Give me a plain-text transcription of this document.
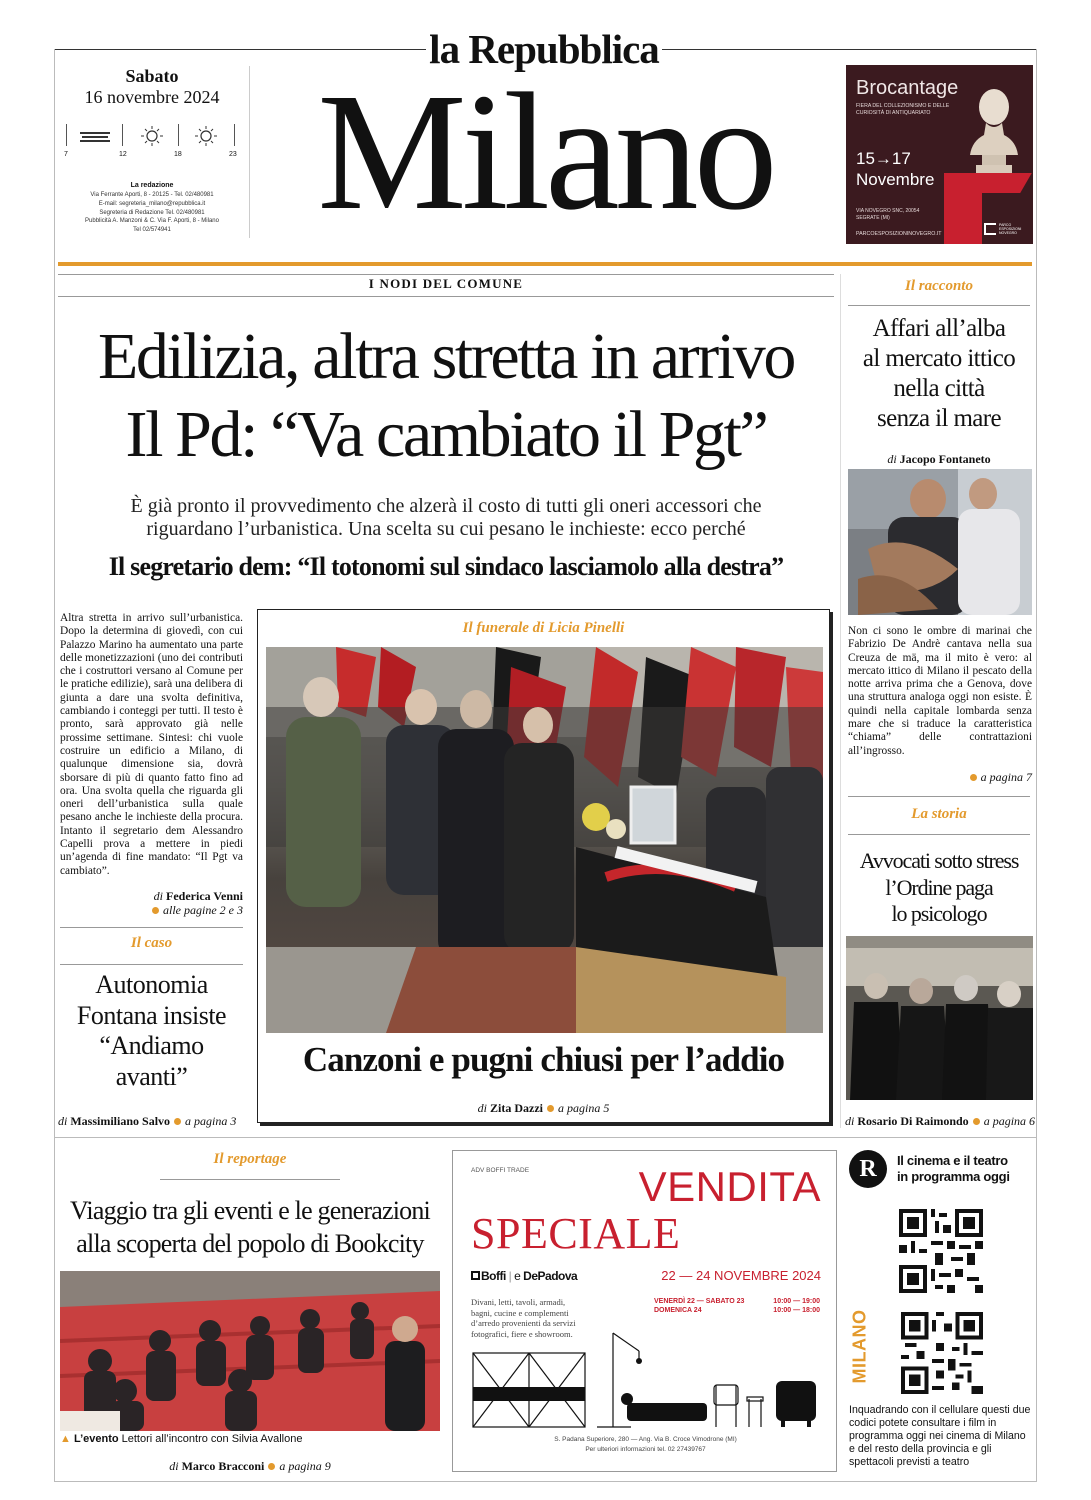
la Repubblica
Milano
Sabato
16 novembre 2024
7	12	18	23
La redazione
Via Ferrante Aporti, 8 - 20125 - Tel. 02/480981
E-mail: segreteria_milano@repubblica.it
Segreteria di Redazione Tel. 02/480981
Pubblicità A. Manzoni & C. Via F. Aporti, 8 - Milano
Tel 02/574941
Brocantage
FIERA DEL COLLEZIONISMO E DELLE CURIOSITÀ DI ANTIQUARIATO
15→17
Novembre
VIA NOVEGRO SNC, 20054 SEGRATE (MI)
PARCOESPOSIZIONINOVEGRO.IT
PARCO ESPOSIZIONI NOVEGRO
I NODI DEL COMUNE
Edilizia, altra stretta in arrivo
Il Pd: “Va cambiato il Pgt”
È già pronto il provvedimento che alzerà il costo di tutti gli oneri accessori che
riguardano l’urbanistica. Una scelta su cui pesano le inchieste: ecco perché
Il segretario dem: “Il totonomi sul sindaco lasciamolo alla destra”
Altra stretta in arrivo sull’urbanistica. Dopo la determina di giovedì, con cui Palazzo Marino ha aumentato una parte delle monetizzazioni (uno dei contributi che i costruttori versano al Comune per le pratiche edilizie), sarà una delibera di giunta a dare una svolta definitiva, cambiando i conteggi per tutti. Il testo è pronto, sarà approvato già nelle prossime settimane. Sintesi: chi vuole costruire un edificio a Milano, di qualunque dimensione sia, dovrà sborsare di più di quanto fatto fino ad ora. Una svolta quella che riguarda gli oneri dell’urbanistica sulla quale pesano anche le inchieste della procura. Intanto il segretario dem Alessandro Capelli prova a mettere in piedi un’agenda di fine mandato: “Il Pgt va cambiato”.
di Federica Venni
alle pagine 2 e 3
Il caso
Autonomia
Fontana insiste
“Andiamo
avanti”
di Massimiliano Salvo a pagina 3
Il funerale di Licia Pinelli
Canzoni e pugni chiusi per l’addio
di Zita Dazzi a pagina 5
Il racconto
Affari all’alba
al mercato ittico
nella città
senza il mare
di Jacopo Fontaneto
Non ci sono le ombre di marinai che Fabrizio De Andrè cantava nella sua Creuza de mä, ma il mito è vero: al mercato ittico di Milano il pescato della notte arriva prima che a Genova, dove una struttura analoga oggi non esiste. È quindi nella capitale lombarda senza mare che si traduce la caratteristica “chiama” delle contrattazioni all’ingrosso.
a pagina 7
La storia
Avvocati sotto stress
l’Ordine paga
lo psicologo
di Rosario Di Raimondo a pagina 6
Il reportage
Viaggio tra gli eventi e le generazioni
alla scoperta del popolo di Bookcity
▲ L’evento Lettori all’incontro con Silvia Avallone
di Marco Bracconi a pagina 9
ADV BOFFI TRADE	VENDITA
SPECIALE
Boffi | e DePadova	22 — 24 NOVEMBRE 2024
Divani, letti, tavoli, armadi,
bagni, cucine e complementi
d’arredo provenienti da servizi
fotografici, fiere e showroom.
VENERDÌ 22 — SABATO 23	10:00 — 19:00
DOMENICA 24	10:00 — 18:00
S. Padana Superiore, 280 — Ang. Via B. Croce Vimodrone (MI)
Per ulteriori informazioni tel. 02 27439767
R	Il cinema e il teatro
in programma oggi
MILANO
Inquadrando con il cellulare questi due codici potete consultare i film in programma oggi nei cinema di Milano e del resto della provincia e gli spettacoli previsti a teatro
